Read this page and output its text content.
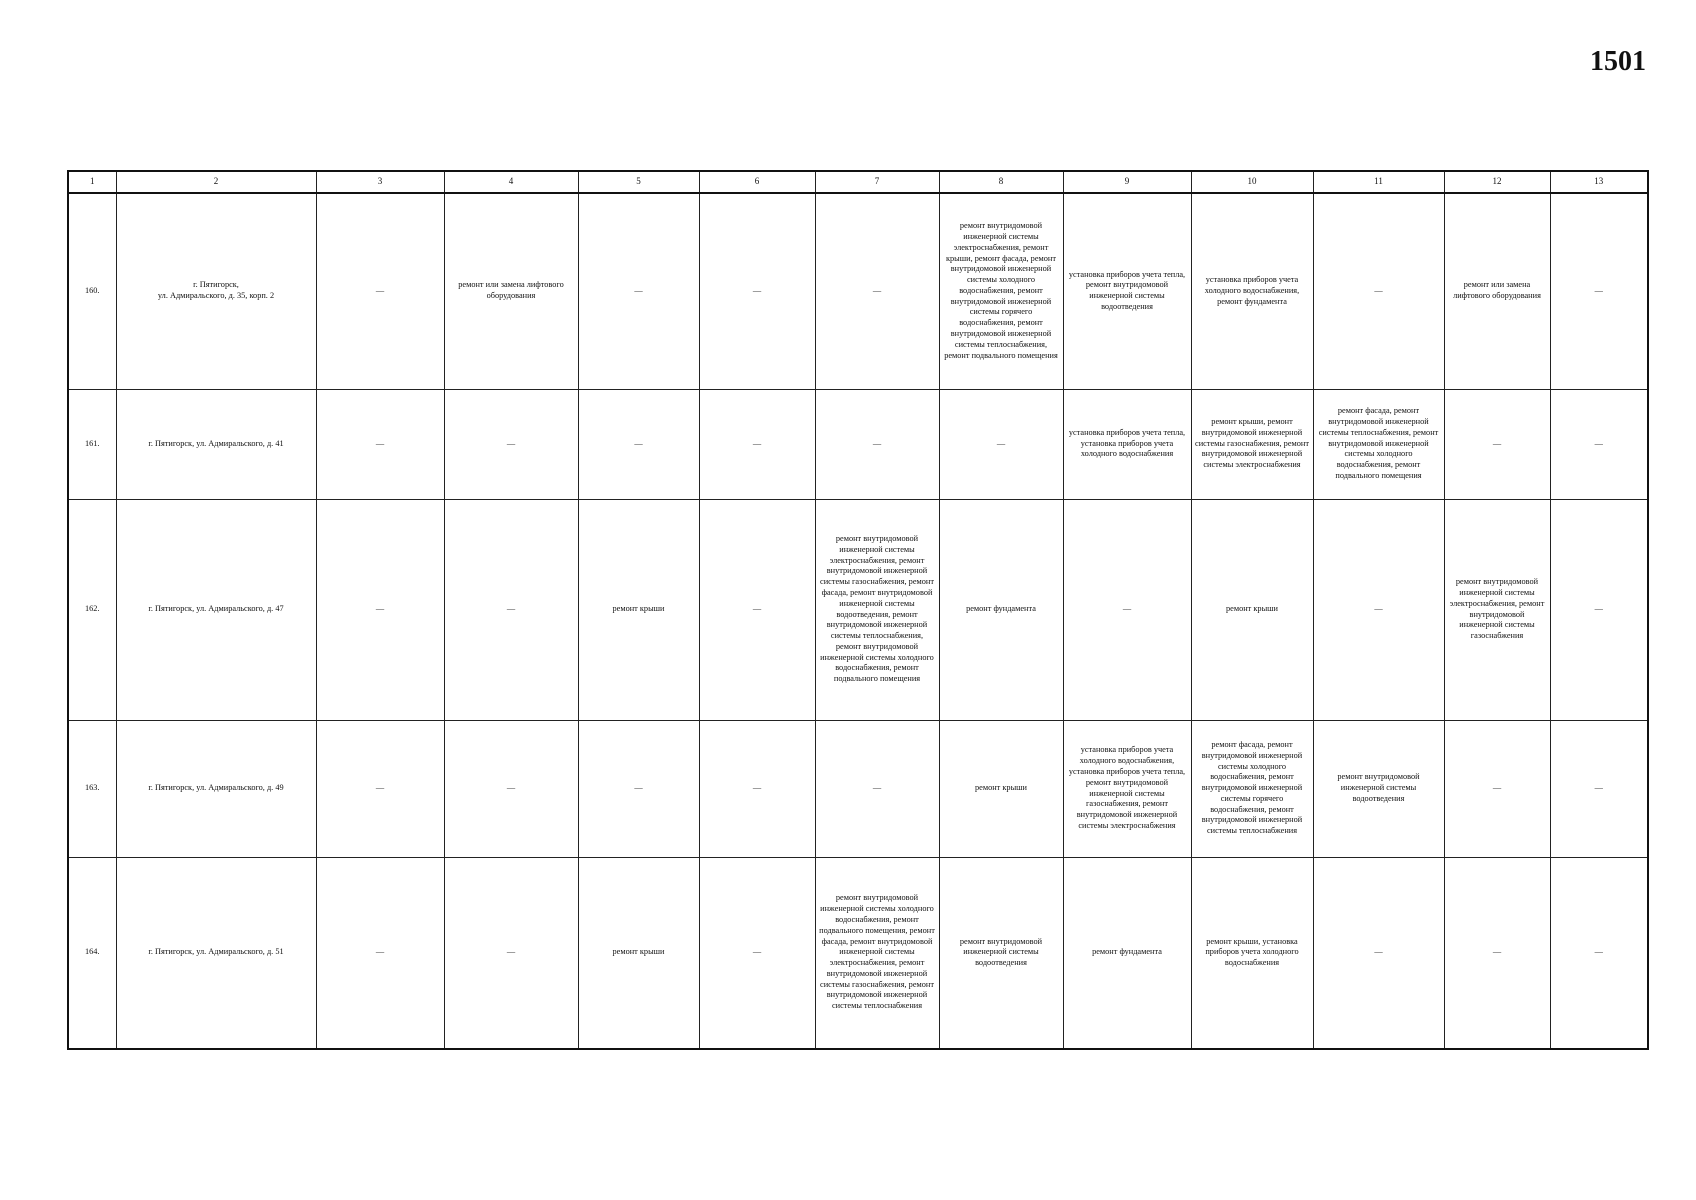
1501
1	2	3	4	5	6	7	8	9	10	11	12	13
160.	г. Пятигорск,
ул. Адмиральского, д. 35, корп. 2	—	ремонт или замена лифтового оборудования	—	—	—	ремонт внутридомовой инженерной системы электроснабжения, ремонт крыши, ремонт фасада, ремонт внутридомовой инженерной системы холодного водоснабжения, ремонт внутридомовой инженерной системы горячего водоснабжения, ремонт внутридомовой инженерной системы теплоснабжения, ремонт подвального помещения	установка приборов учета тепла, ремонт внутридомовой инженерной системы водоотведения	установка приборов учета холодного водоснабжения, ремонт фундамента	—	ремонт или замена лифтового оборудования	—
161.	г. Пятигорск, ул. Адмиральского, д. 41	—	—	—	—	—	—	установка приборов учета тепла, установка приборов учета холодного водоснабжения	ремонт крыши, ремонт внутридомовой инженерной системы газоснабжения, ремонт внутридомовой инженерной системы электроснабжения	ремонт фасада, ремонт внутридомовой инженерной системы теплоснабжения, ремонт внутридомовой инженерной системы холодного водоснабжения, ремонт подвального помещения	—	—
162.	г. Пятигорск, ул. Адмиральского, д. 47	—	—	ремонт крыши	—	ремонт внутридомовой инженерной системы электроснабжения, ремонт внутридомовой инженерной системы газоснабжения, ремонт фасада, ремонт внутридомовой инженерной системы водоотведения, ремонт внутридомовой инженерной системы теплоснабжения, ремонт внутридомовой инженерной системы холодного водоснабжения, ремонт подвального помещения	ремонт фундамента	—	ремонт крыши	—	ремонт внутридомовой инженерной системы электроснабжения, ремонт внутридомовой инженерной системы газоснабжения	—
163.	г. Пятигорск, ул. Адмиральского, д. 49	—	—	—	—	—	ремонт крыши	установка приборов учета холодного водоснабжения, установка приборов учета тепла, ремонт внутридомовой инженерной системы газоснабжения, ремонт внутридомовой инженерной системы электроснабжения	ремонт фасада, ремонт внутридомовой инженерной системы холодного водоснабжения, ремонт внутридомовой инженерной системы горячего водоснабжения, ремонт внутридомовой инженерной системы теплоснабжения	ремонт внутридомовой инженерной системы водоотведения	—	—
164.	г. Пятигорск, ул. Адмиральского, д. 51	—	—	ремонт крыши	—	ремонт внутридомовой инженерной системы холодного водоснабжения, ремонт подвального помещения, ремонт фасада, ремонт внутридомовой инженерной системы электроснабжения, ремонт внутридомовой инженерной системы газоснабжения, ремонт внутридомовой инженерной системы теплоснабжения	ремонт внутридомовой инженерной системы водоотведения	ремонт фундамента	ремонт крыши, установка приборов учета холодного водоснабжения	—	—	—
